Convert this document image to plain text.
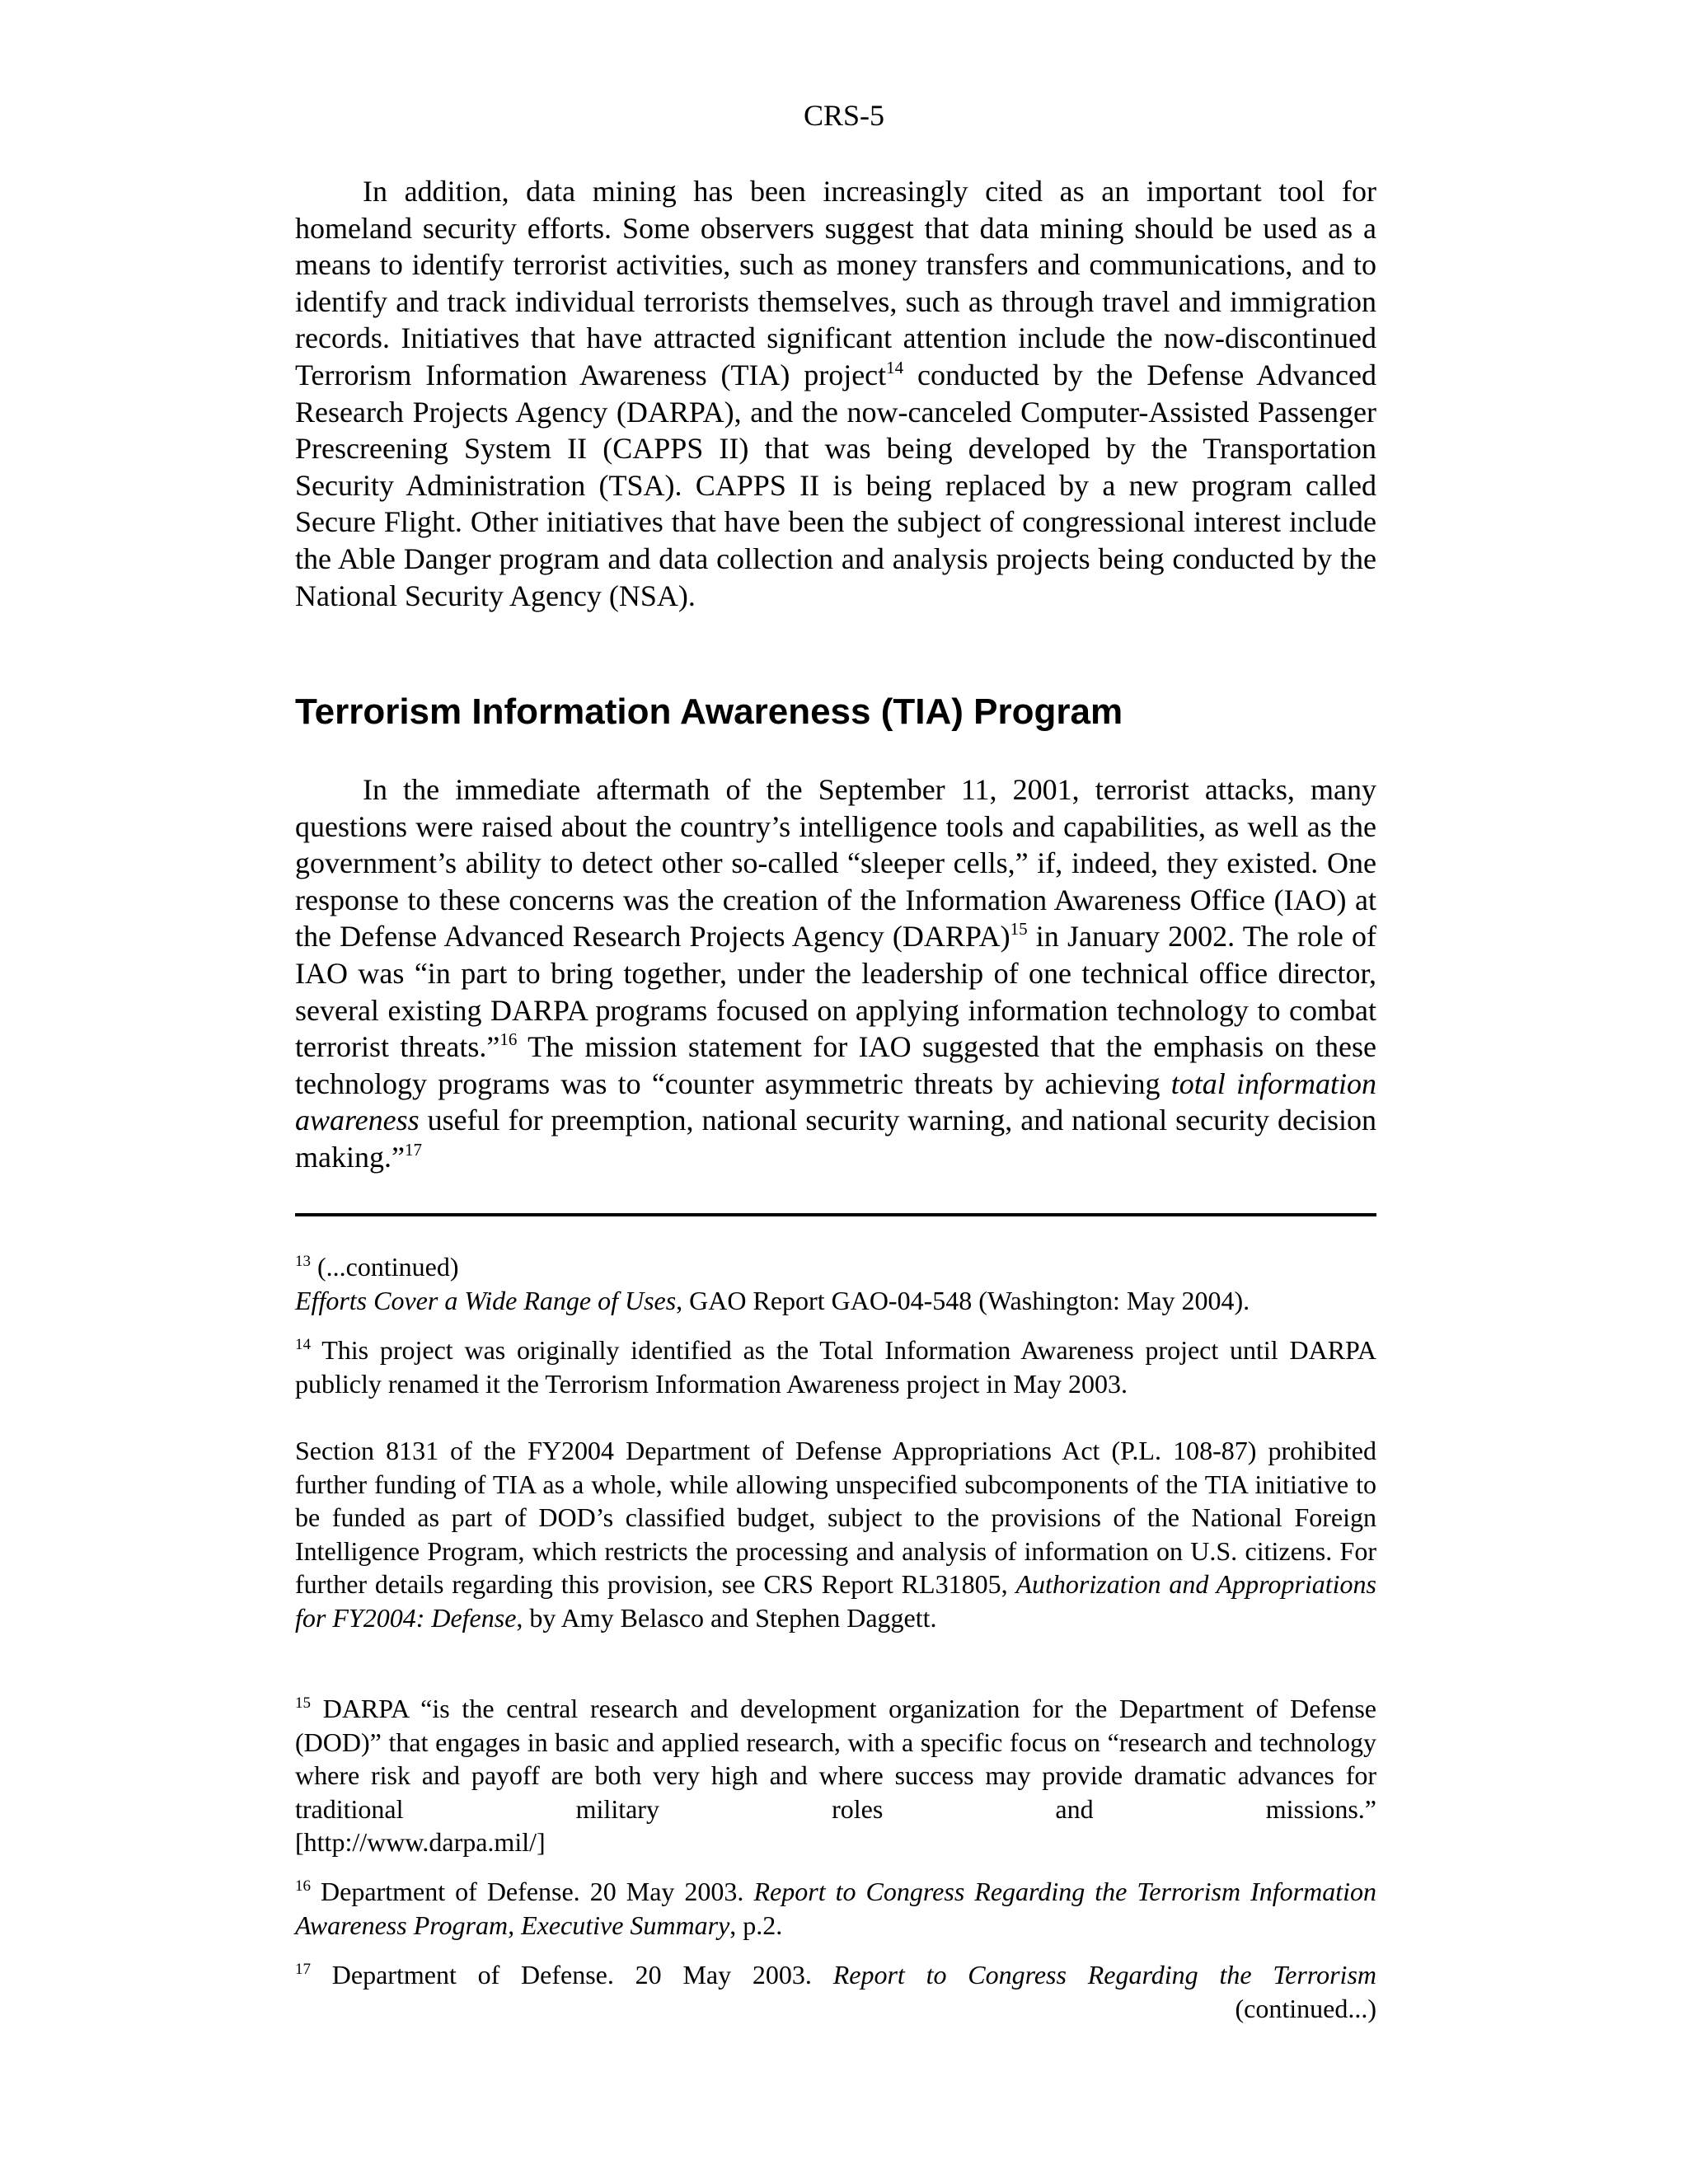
CRS-5

In addition, data mining has been increasingly cited as an important tool for homeland security efforts. Some observers suggest that data mining should be used as a means to identify terrorist activities, such as money transfers and communications, and to identify and track individual terrorists themselves, such as through travel and immigration records. Initiatives that have attracted significant attention include the now-discontinued Terrorism Information Awareness (TIA) project$^{14}$ conducted by the Defense Advanced Research Projects Agency (DARPA), and the now-canceled Computer-Assisted Passenger Prescreening System II (CAPPS II) that was being developed by the Transportation Security Administration (TSA). CAPPS II is being replaced by a new program called Secure Flight. Other initiatives that have been the subject of congressional interest include the Able Danger program and data collection and analysis projects being conducted by the National Security Agency (NSA).

Terrorism Information Awareness (TIA) Program

In the immediate aftermath of the September 11, 2001, terrorist attacks, many questions were raised about the country’s intelligence tools and capabilities, as well as the government’s ability to detect other so-called “sleeper cells,” if, indeed, they existed. One response to these concerns was the creation of the Information Awareness Office (IAO) at the Defense Advanced Research Projects Agency (DARPA)$^{15}$ in January 2002. The role of IAO was “in part to bring together, under the leadership of one technical office director, several existing DARPA programs focused on applying information technology to combat terrorist threats.”$^{16}$ The mission statement for IAO suggested that the emphasis on these technology programs was to “counter asymmetric threats by achieving total information awareness useful for preemption, national security warning, and national security decision making.”$^{17}$

$^{13}$ (...continued)
Efforts Cover a Wide Range of Uses, GAO Report GAO-04-548 (Washington: May 2004).

$^{14}$ This project was originally identified as the Total Information Awareness project until DARPA publicly renamed it the Terrorism Information Awareness project in May 2003.

Section 8131 of the FY2004 Department of Defense Appropriations Act (P.L. 108-87) prohibited further funding of TIA as a whole, while allowing unspecified subcomponents of the TIA initiative to be funded as part of DOD’s classified budget, subject to the provisions of the National Foreign Intelligence Program, which restricts the processing and analysis of information on U.S. citizens. For further details regarding this provision, see CRS Report RL31805, Authorization and Appropriations for FY2004: Defense, by Amy Belasco and Stephen Daggett.

$^{15}$ DARPA “is the central research and development organization for the Department of Defense (DOD)” that engages in basic and applied research, with a specific focus on “research and technology where risk and payoff are both very high and where success may provide dramatic advances for traditional military roles and missions.”
[http://www.darpa.mil/]

$^{16}$ Department of Defense. 20 May 2003. Report to Congress Regarding the Terrorism Information Awareness Program, Executive Summary, p.2.

$^{17}$ Department of Defense. 20 May 2003. Report to Congress Regarding the Terrorism
(continued...)
